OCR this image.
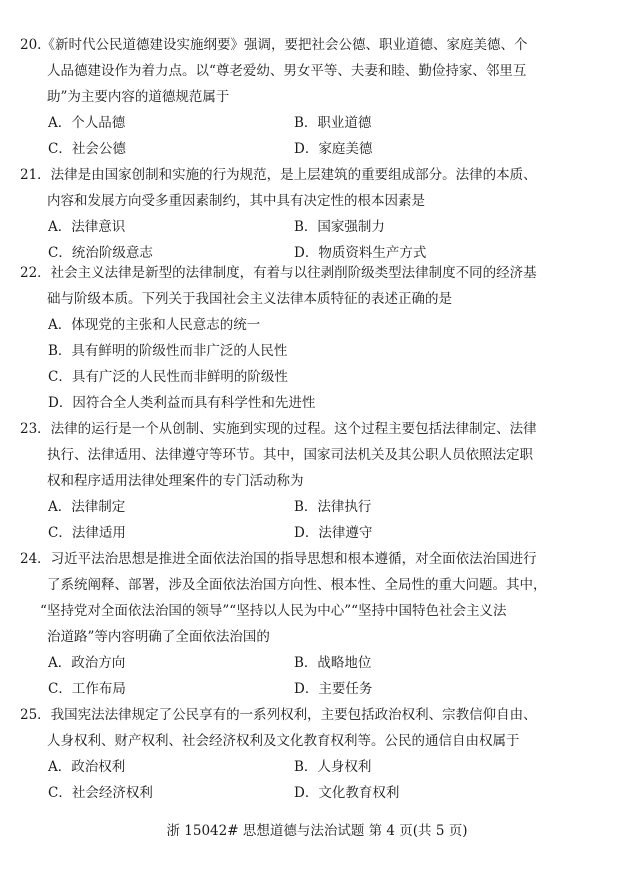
20.《新时代公民道德建设实施纲要》强调，要把社会公德、职业道德、家庭美德、个
人品德建设作为着力点。以“尊老爱幼、男女平等、夫妻和睦、勤俭持家、邻里互
助”为主要内容的道德规范属于
A．个人品德	B．职业道德
C．社会公德	D．家庭美德
21．法律是由国家创制和实施的行为规范，是上层建筑的重要组成部分。法律的本质、
内容和发展方向受多重因素制约，其中具有决定性的根本因素是
A．法律意识	B．国家强制力
C．统治阶级意志	D．物质资料生产方式
22．社会主义法律是新型的法律制度，有着与以往剥削阶级类型法律制度不同的经济基
础与阶级本质。下列关于我国社会主义法律本质特征的表述正确的是
A．体现党的主张和人民意志的统一
B．具有鲜明的阶级性而非广泛的人民性
C．具有广泛的人民性而非鲜明的阶级性
D．因符合全人类利益而具有科学性和先进性
23．法律的运行是一个从创制、实施到实现的过程。这个过程主要包括法律制定、法律
执行、法律适用、法律遵守等环节。其中，国家司法机关及其公职人员依照法定职
权和程序适用法律处理案件的专门活动称为
A．法律制定	B．法律执行
C．法律适用	D．法律遵守
24．习近平法治思想是推进全面依法治国的指导思想和根本遵循，对全面依法治国进行
了系统阐释、部署，涉及全面依法治国方向性、根本性、全局性的重大问题。其中，
“坚持党对全面依法治国的领导”“坚持以人民为中心”“坚持中国特色社会主义法
治道路”等内容明确了全面依法治国的
A．政治方向	B．战略地位
C．工作布局	D．主要任务
25．我国宪法法律规定了公民享有的一系列权利，主要包括政治权利、宗教信仰自由、
人身权利、财产权利、社会经济权利及文化教育权利等。公民的通信自由权属于
A．政治权利	B．人身权利
C．社会经济权利	D．文化教育权利
浙 15042# 思想道德与法治试题 第 4 页(共 5 页)
